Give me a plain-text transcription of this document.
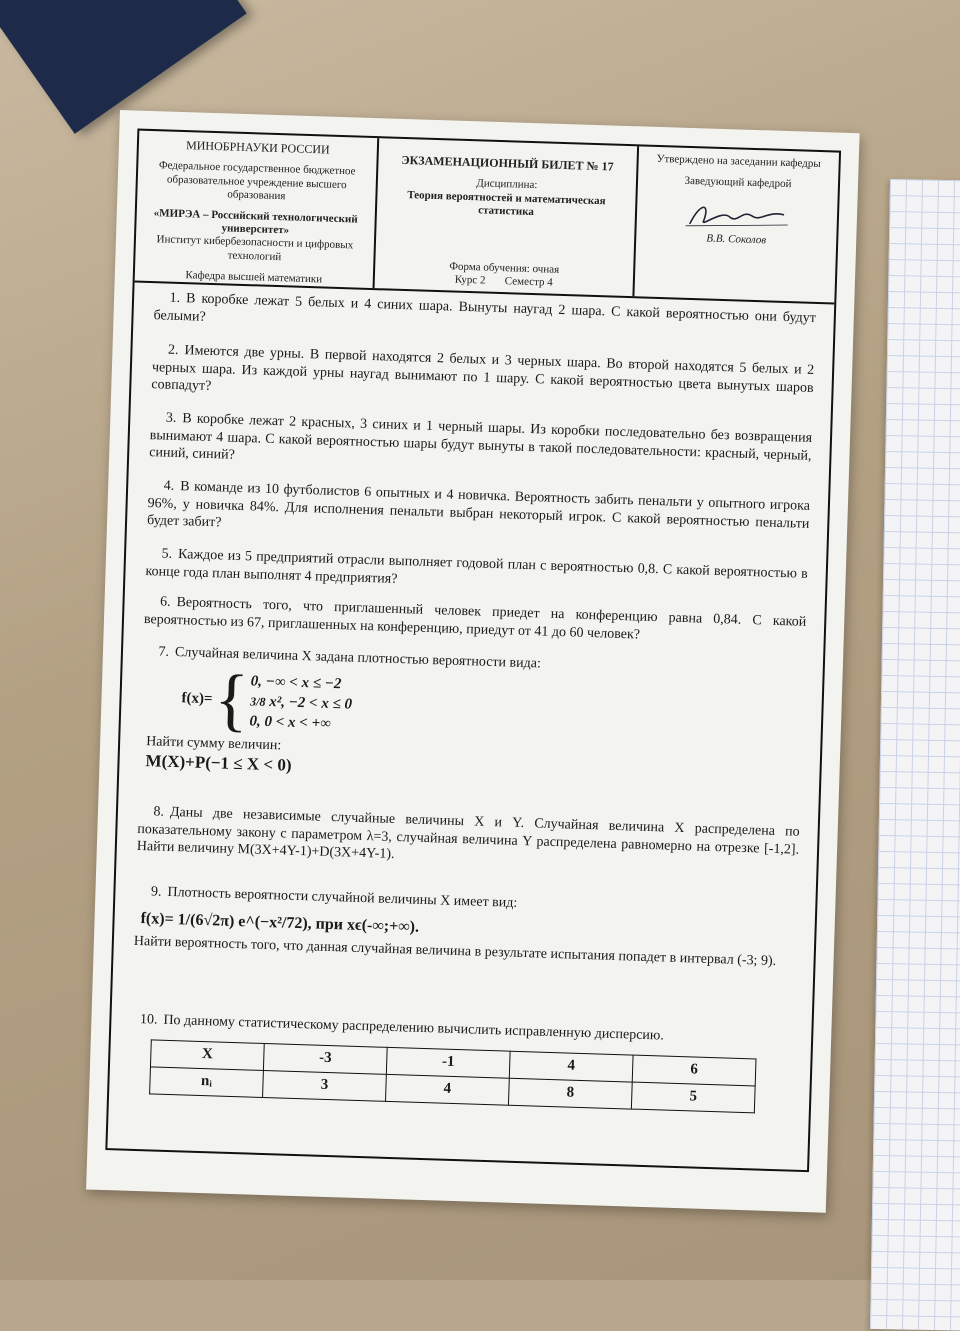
МИНОБРНАУКИ РОССИИ
Федеральное государственное бюджетное образовательное учреждение высшего образования
«МИРЭА – Российский технологический университет»
Институт кибербезопасности и цифровых технологий
Кафедра высшей математики
ЭКЗАМЕНАЦИОННЫЙ БИЛЕТ № 17
Дисциплина:
Теория вероятностей и математическая статистика
Форма обучения: очная
Курс 2 Семестр 4
Утверждено на заседании кафедры
Заведующий кафедрой
В.В. Соколов
1. В коробке лежат 5 белых и 4 синих шара. Вынуты наугад 2 шара. С какой вероятностью они будут белыми?
2. Имеются две урны. В первой находятся 2 белых и 3 черных шара. Во второй находятся 5 белых и 2 черных шара. Из каждой урны наугад вынимают по 1 шару. С какой вероятностью цвета вынутых шаров совпадут?
3. В коробке лежат 2 красных, 3 синих и 1 черный шары. Из коробки последовательно без возвращения вынимают 4 шара. С какой вероятностью шары будут вынуты в такой последовательности: красный, черный, синий, синий?
4. В команде из 10 футболистов 6 опытных и 4 новичка. Вероятность забить пенальти у опытного игрока 96%, у новичка 84%. Для исполнения пенальти выбран некоторый игрок. С какой вероятностью пенальти будет забит?
5. Каждое из 5 предприятий отрасли выполняет годовой план с вероятностью 0,8. С какой вероятностью в конце года план выполнят 4 предприятия?
6. Вероятность того, что приглашенный человек приедет на конференцию равна 0,84. С какой вероятностью из 67, приглашенных на конференцию, приедут от 41 до 60 человек?
7. Случайная величина X задана плотностью вероятности вида:
f(x)= { 0, −∞ < x ≤ −2
3/8 x², −2 < x ≤ 0
0, 0 < x < +∞
Найти сумму величин:
M(X)+P(−1 ≤ X < 0)
8. Даны две независимые случайные величины X и Y. Случайная величина X распределена по показательному закону с параметром λ=3, случайная величина Y распределена равномерно на отрезке [-1,2]. Найти величину M(3X+4Y-1)+D(3X+4Y-1).
9. Плотность вероятности случайной величины X имеет вид:
f(x)= 1/(6√2π) e^(−x²/72), при xϵ(-∞;+∞).
Найти вероятность того, что данная случайная величина в результате испытания попадет в интервал (-3; 9).
10. По данному статистическому распределению вычислить исправленную дисперсию.
X	-3	-1	4	6
nᵢ	3	4	8	5
